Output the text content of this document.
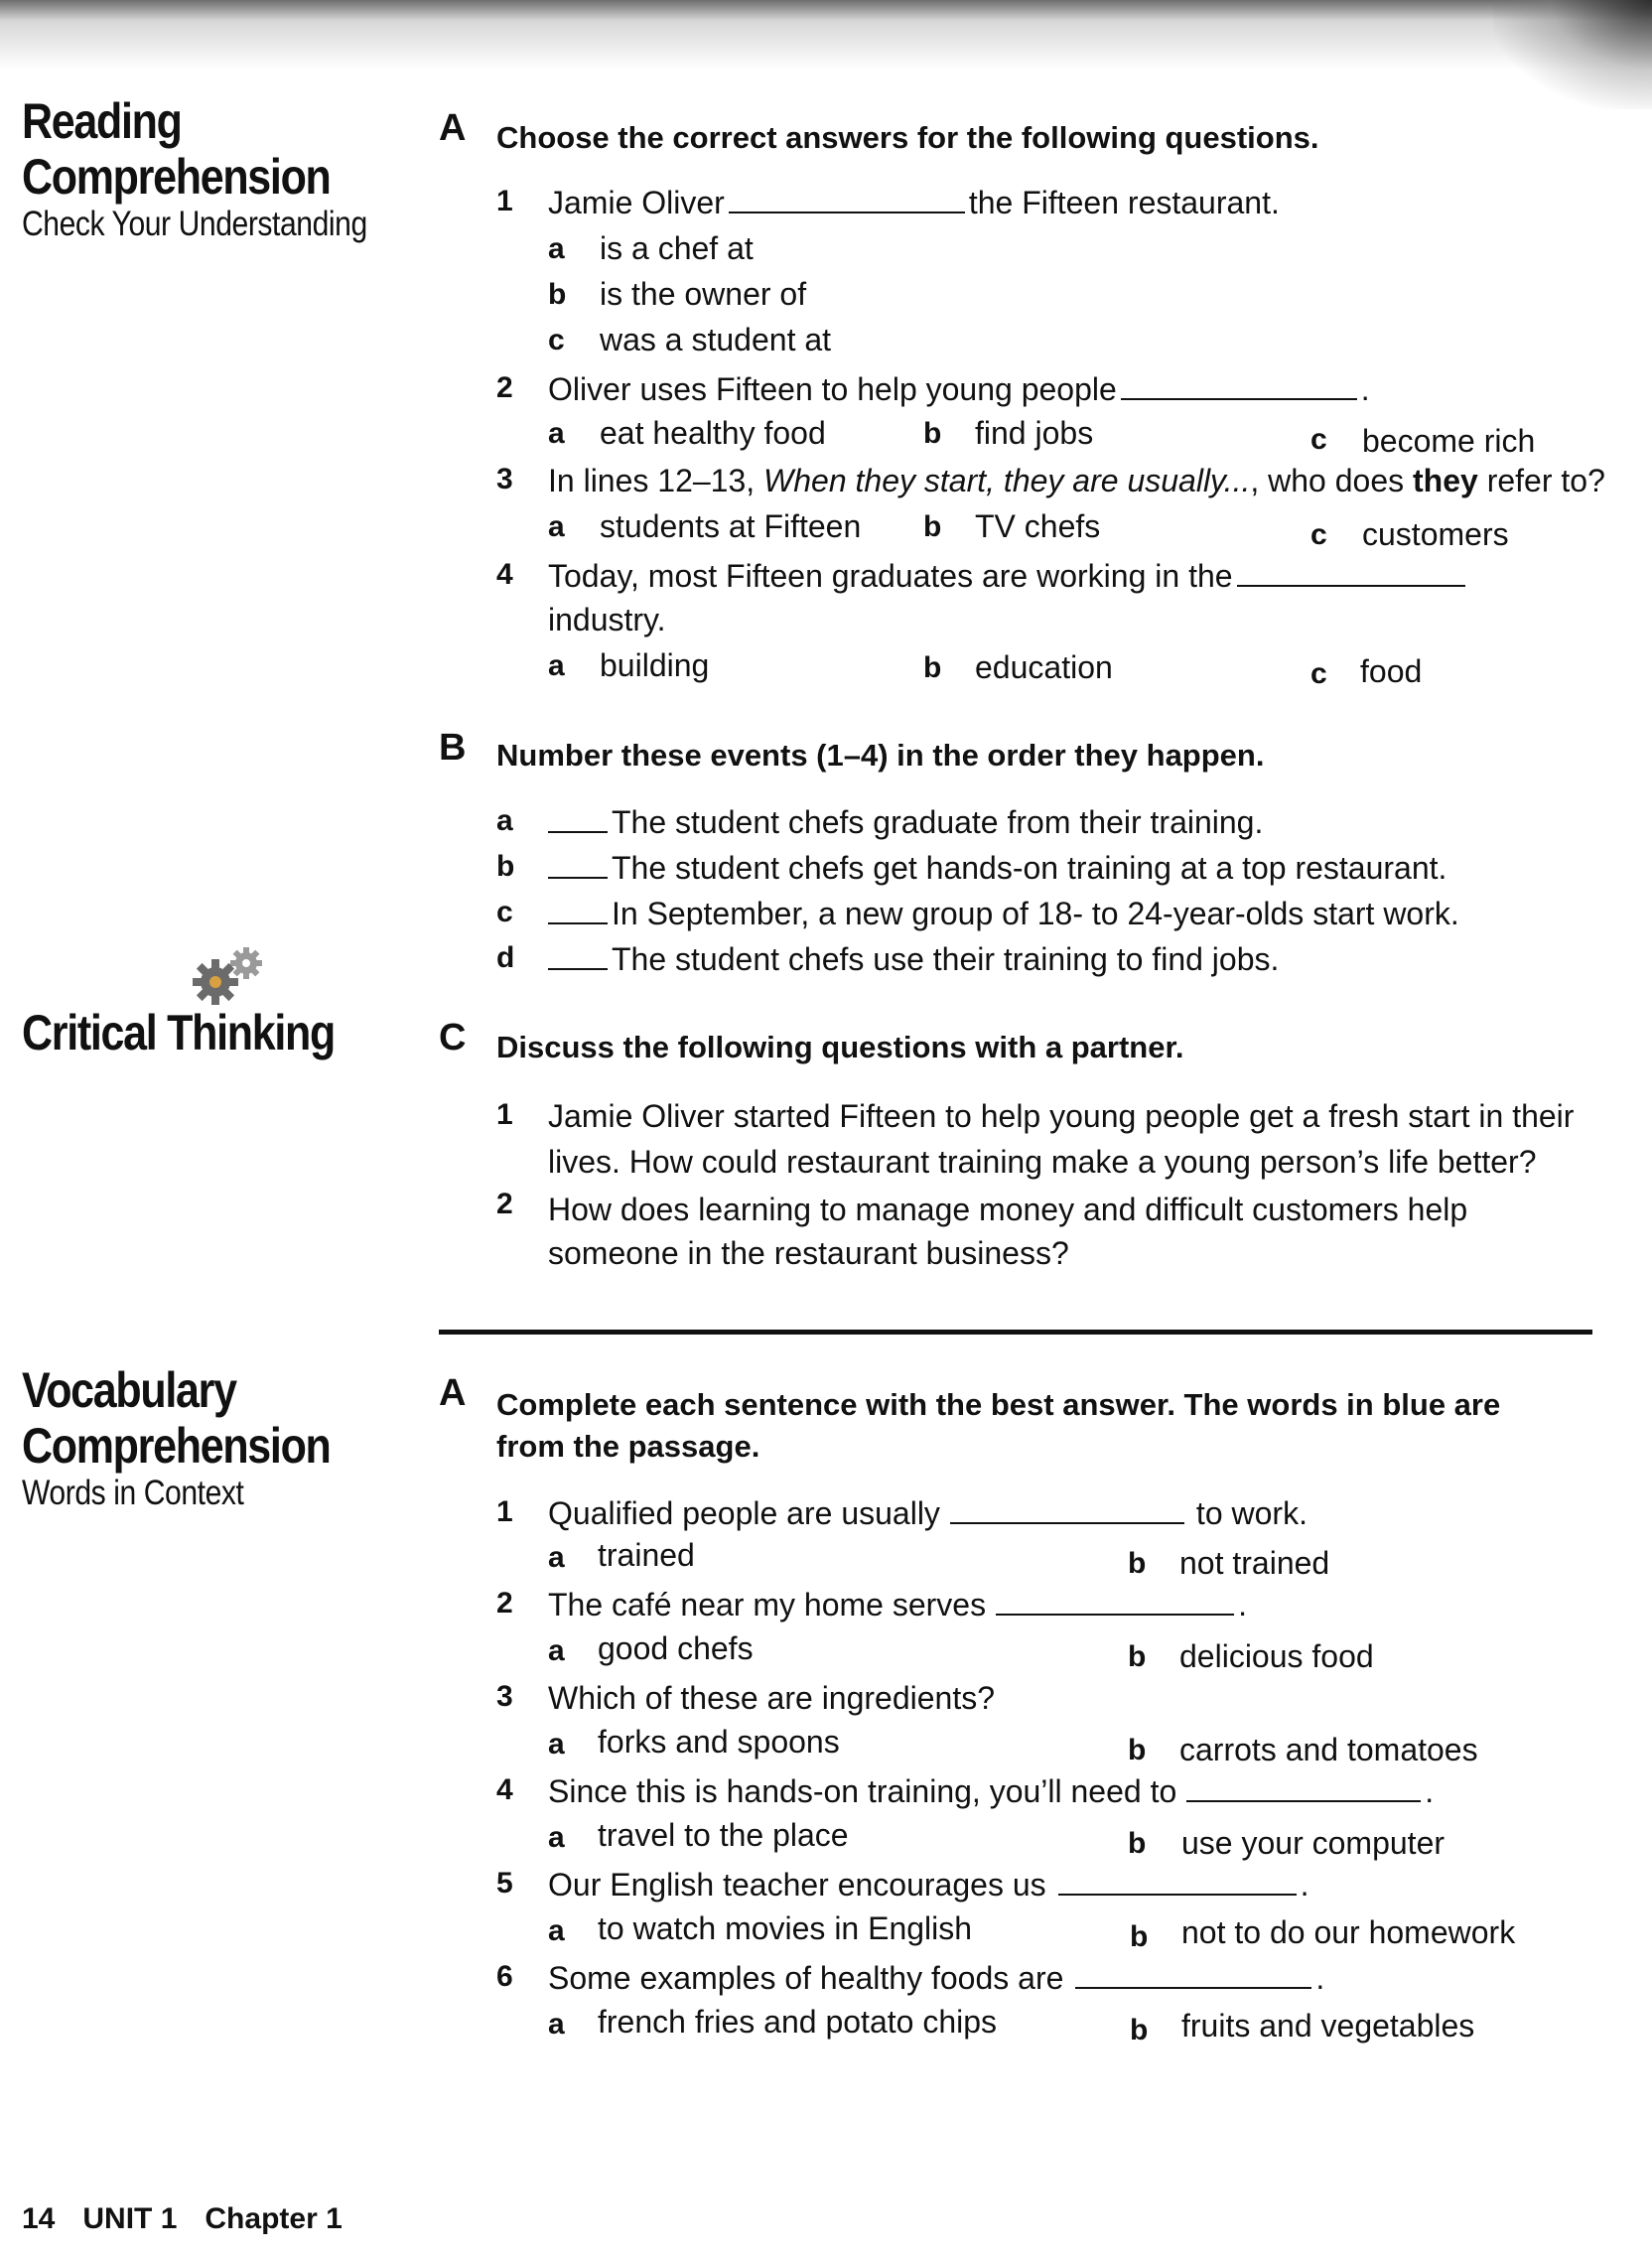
Reading
Comprehension
Check Your Understanding
Critical Thinking
Vocabulary
Comprehension
Words in Context
A Choose the correct answers for the following questions.
1 Jamie Oliver	the Fifteen restaurant.
a is a chef at
b is the owner of
c was a student at
2 Oliver uses Fifteen to help young people	.
a eat healthy food	b find jobs	c become rich
3 In lines 12–13, When they start, they are usually..., who does they refer to?
a students at Fifteen b TV chefs	c customers
4 Today, most Fifteen graduates are working in the
industry.
a building	b education	c food
B Number these events (1–4) in the order they happen.
a	The student chefs graduate from their training.
b	The student chefs get hands-on training at a top restaurant.
c	In September, a new group of 18- to 24-year-olds start work.
d	The student chefs use their training to find jobs.
C Discuss the following questions with a partner.
1 Jamie Oliver started Fifteen to help young people get a fresh start in their
lives. How could restaurant training make a young person’s life better?
2 How does learning to manage money and difficult customers help
someone in the restaurant business?
A Complete each sentence with the best answer. The words in blue are
from the passage.
1 Qualified people are usually	to work.
a trained	b not trained
2 The café near my home serves	.
a good chefs	b delicious food
3 Which of these are ingredients?
a forks and spoons	b carrots and tomatoes
4 Since this is hands-on training, you’ll need to	.
a travel to the place	b use your computer
5 Our English teacher encourages us	.
a to watch movies in English	b not to do our homework
6 Some examples of healthy foods are	.
a french fries and potato chips	b fruits and vegetables
14 UNIT 1 Chapter 1
